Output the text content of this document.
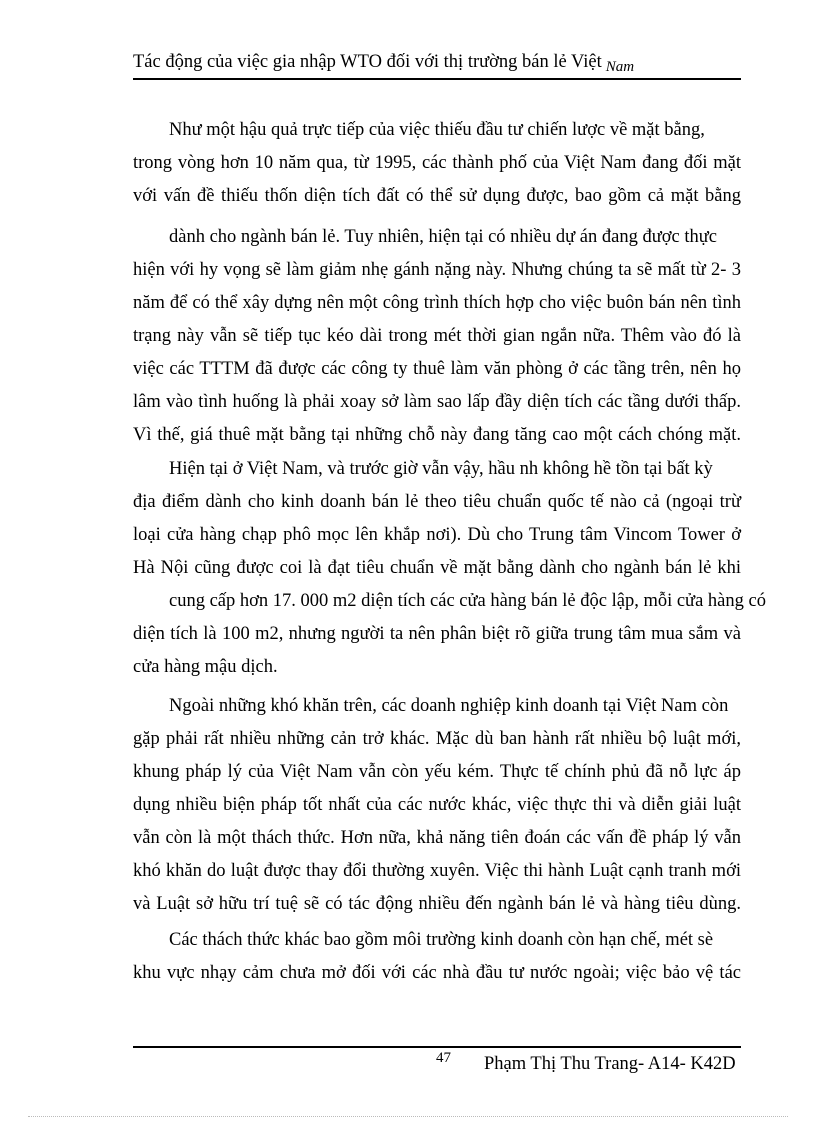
Tác động của việc gia nhập WTO đối với thị trường bán lẻ Việt $_{Nam}$
Như một hậu quả trực tiếp của việc thiếu đầu tư chiến lược về mặt bằng,
trong vòng hơn 10 năm qua, từ 1995, các thành phố của Việt Nam đang đối mặt
với vấn đề thiếu thốn diện tích đất có thể sử dụng được, bao gồm cả mặt bằng
dành cho ngành bán lẻ. Tuy nhiên, hiện tại có nhiều dự án đang được thực
hiện với hy vọng sẽ làm giảm nhẹ gánh nặng này. Nhưng chúng ta sẽ mất từ 2- 3
năm để có thể xây dựng nên một công trình thích hợp cho việc buôn bán nên tình
trạng này vẫn sẽ tiếp tục kéo dài trong mét thời gian ngắn nữa. Thêm vào đó là
việc các TTTM đã được các công ty thuê làm văn phòng ở các tầng trên, nên họ
lâm vào tình huống là phải xoay sở làm sao lấp đầy diện tích các tầng dưới thấp.
Vì thế, giá thuê mặt bằng tại những chỗ này đang tăng cao một cách chóng mặt.
Hiện tại ở Việt Nam, và trước giờ vẫn vậy, hầu nh không hề tồn tại bất kỳ
địa điểm dành cho kinh doanh bán lẻ theo tiêu chuẩn quốc tế nào cả (ngoại trừ
loại cửa hàng chạp phô mọc lên khắp nơi). Dù cho Trung tâm Vincom Tower ở
Hà Nội cũng được coi là đạt tiêu chuẩn về mặt bằng dành cho ngành bán lẻ khi
cung cấp hơn 17. 000 m2 diện tích các cửa hàng bán lẻ độc lập, mỗi cửa hàng có
diện tích là 100 m2, nhưng người ta nên phân biệt rõ giữa trung tâm mua sắm và
cửa hàng mậu dịch.
Ngoài những khó khăn trên, các doanh nghiệp kinh doanh tại Việt Nam còn
gặp phải rất nhiều những cản trở khác. Mặc dù ban hành rất nhiều bộ luật mới,
khung pháp lý của Việt Nam vẫn còn yếu kém. Thực tế chính phủ đã nỗ lực áp
dụng nhiều biện pháp tốt nhất của các nước khác, việc thực thi và diễn giải luật
vẫn còn là một thách thức. Hơn nữa, khả năng tiên đoán các vấn đề pháp lý vẫn
khó khăn do luật được thay đổi thường xuyên. Việc thi hành Luật cạnh tranh mới
và Luật sở hữu trí tuệ sẽ có tác động nhiều đến ngành bán lẻ và hàng tiêu dùng.
Các thách thức khác bao gồm môi trường kinh doanh còn hạn chế, mét sè
khu vực nhạy cảm chưa mở đối với các nhà đầu tư nước ngoài; việc bảo vệ tác
47 Phạm Thị Thu Trang- A14- K42D
